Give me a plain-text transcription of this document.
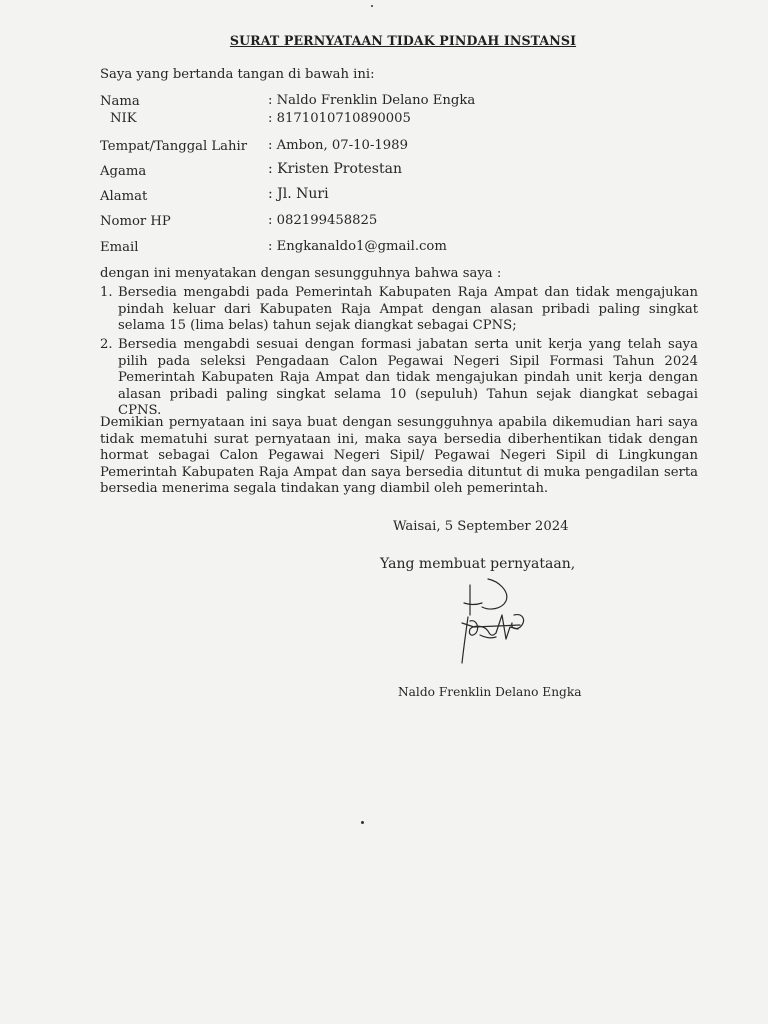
SURAT PERNYATAAN TIDAK PINDAH INSTANSI
Saya yang bertanda tangan di bawah ini:
Nama	: Naldo Frenklin Delano Engka
NIK	: 8171010710890005
Tempat/Tanggal Lahir : Ambon, 07-10-1989
Agama	: Kristen Protestan
Alamat	: Jl. Nuri
Nomor HP	: 082199458825
Email	: Engkanaldo1@gmail.com
dengan ini menyatakan dengan sesungguhnya bahwa saya :
1. Bersedia mengabdi pada Pemerintah Kabupaten Raja Ampat dan tidak mengajukan pindah keluar dari Kabupaten Raja Ampat dengan alasan pribadi paling singkat selama 15 (lima belas) tahun sejak diangkat sebagai CPNS;

2. Bersedia mengabdi sesuai dengan formasi jabatan serta unit kerja yang telah saya pilih pada seleksi Pengadaan Calon Pegawai Negeri Sipil Formasi Tahun 2024 Pemerintah Kabupaten Raja Ampat dan tidak mengajukan pindah unit kerja dengan alasan pribadi paling singkat selama 10 (sepuluh) Tahun sejak diangkat sebagai CPNS.

Demikian pernyataan ini saya buat dengan sesungguhnya apabila dikemudian hari saya tidak mematuhi surat pernyataan ini, maka saya bersedia diberhentikan tidak dengan hormat sebagai Calon Pegawai Negeri Sipil/ Pegawai Negeri Sipil di Lingkungan Pemerintah Kabupaten Raja Ampat dan saya bersedia dituntut di muka pengadilan serta bersedia menerima segala tindakan yang diambil oleh pemerintah.

Waisai, 5 September 2024
Yang membuat pernyataan,
Naldo Frenklin Delano Engka
